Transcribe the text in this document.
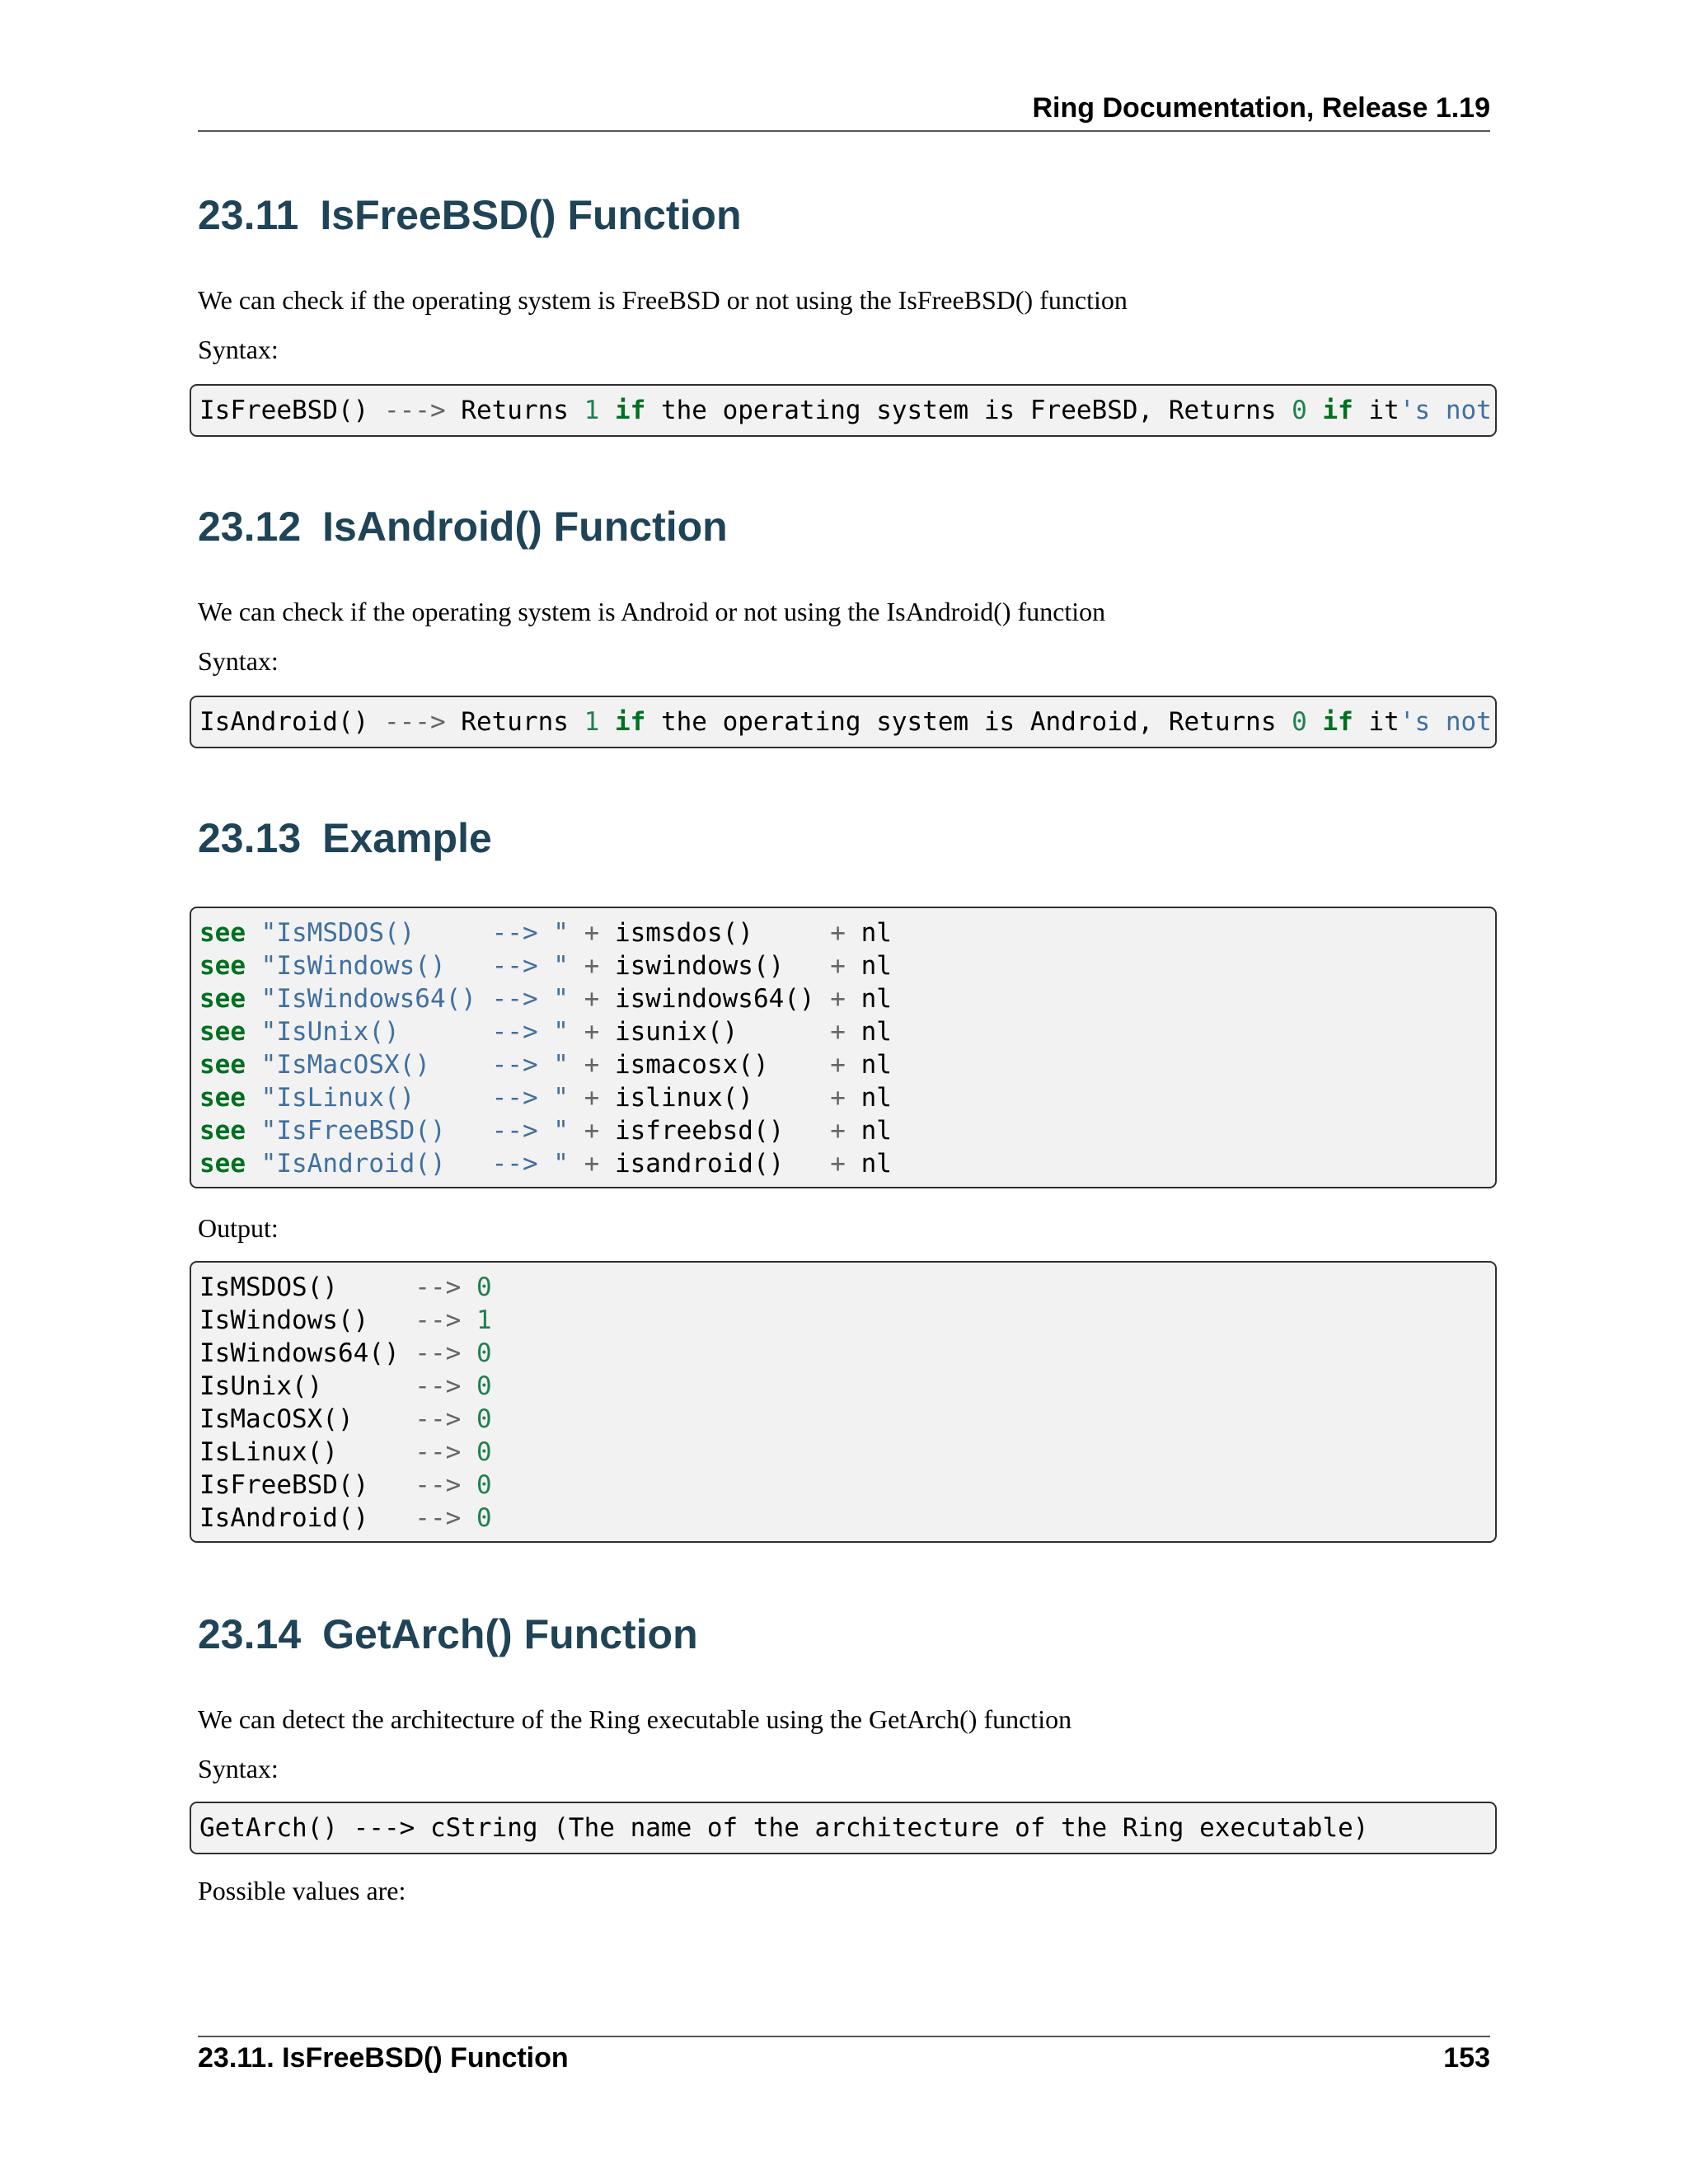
Ring Documentation, Release 1.19
23.11 IsFreeBSD() Function

We can check if the operating system is FreeBSD or not using the IsFreeBSD() function

Syntax:

IsFreeBSD() ---> Returns 1 if the operating system is FreeBSD, Returns 0 if it's not
23.12 IsAndroid() Function

We can check if the operating system is Android or not using the IsAndroid() function

Syntax:

IsAndroid() ---> Returns 1 if the operating system is Android, Returns 0 if it's not
23.13 Example
see "IsMSDOS()     --> " + ismsdos()     + nl
see "IsWindows()   --> " + iswindows()   + nl
see "IsWindows64() --> " + iswindows64() + nl
see "IsUnix()      --> " + isunix()      + nl
see "IsMacOSX()    --> " + ismacosx()    + nl
see "IsLinux()     --> " + islinux()     + nl
see "IsFreeBSD()   --> " + isfreebsd()   + nl
see "IsAndroid()   --> " + isandroid()   + nl

Output:

IsMSDOS()     --> 0
IsWindows()   --> 1
IsWindows64() --> 0
IsUnix()      --> 0
IsMacOSX()    --> 0
IsLinux()     --> 0
IsFreeBSD()   --> 0
IsAndroid()   --> 0
23.14 GetArch() Function

We can detect the architecture of the Ring executable using the GetArch() function

Syntax:

GetArch() ---> cString (The name of the architecture of the Ring executable)

Possible values are:

23.11. IsFreeBSD() Function	153
